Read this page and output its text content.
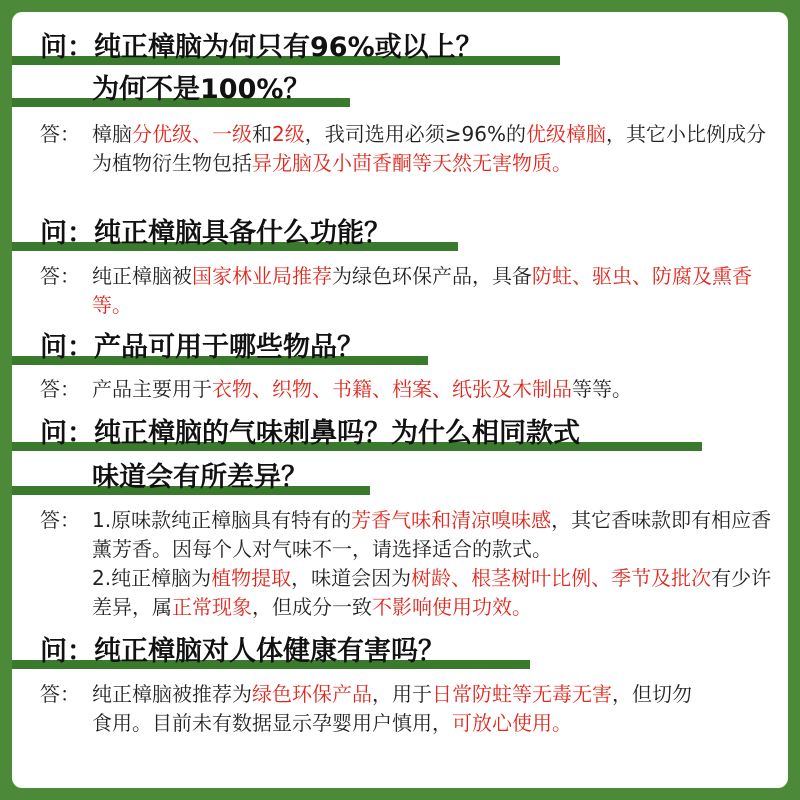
问：纯正樟脑为何只有96%或以上？
为何不是100%？
答： 樟脑分优级、一级和2级，我司选用必须≥96%的优级樟脑，其它小比例成分为植物衍生物包括异龙脑及小茴香酮等天然无害物质。
问：纯正樟脑具备什么功能？
答： 纯正樟脑被国家林业局推荐为绿色环保产品，具备防蛀、驱虫、防腐及熏香等。
问：产品可用于哪些物品？
答： 产品主要用于衣物、织物、书籍、档案、纸张及木制品等等。
问：纯正樟脑的气味刺鼻吗？为什么相同款式
味道会有所差异？
答： 1.原味款纯正樟脑具有特有的芳香气味和清凉嗅味感，其它香味款即有相应香薰芳香。因每个人对气味不一，请选择适合的款式。
2.纯正樟脑为植物提取，味道会因为树龄、根茎树叶比例、季节及批次有少许差异，属正常现象，但成分一致不影响使用功效。
问：纯正樟脑对人体健康有害吗？
答： 纯正樟脑被推荐为绿色环保产品，用于日常防蛀等无毒无害，但切勿食用。目前未有数据显示孕婴用户慎用，可放心使用。
